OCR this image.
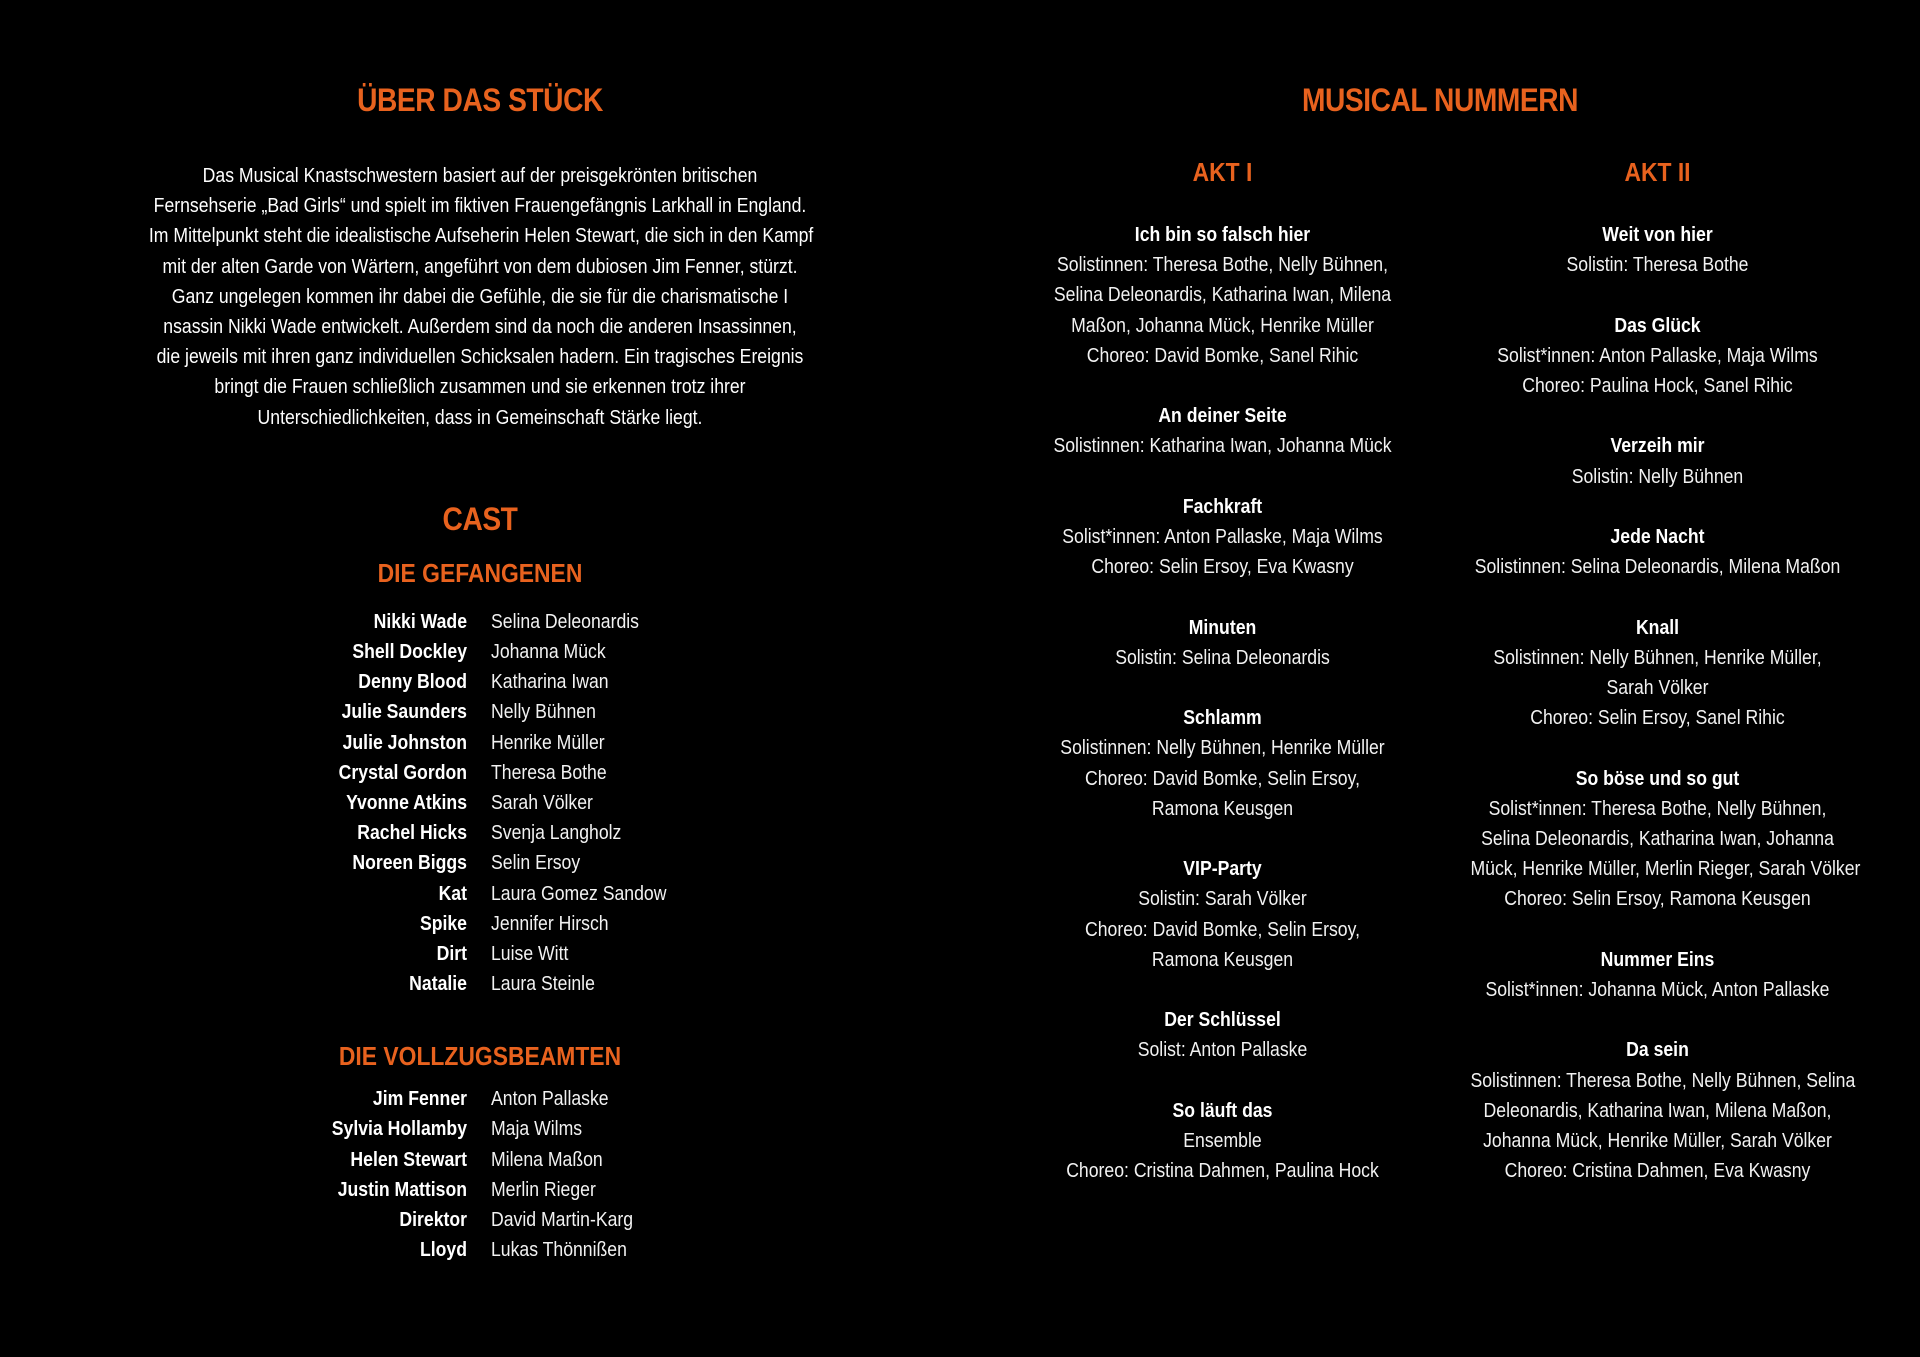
ÜBER DAS STÜCK
Das Musical Knastschwestern basiert auf der preisgekrönten britischen
Fernsehserie „Bad Girls“ und spielt im fiktiven Frauengefängnis Larkhall in England.
Im Mittelpunkt steht die idealistische Aufseherin Helen Stewart, die sich in den Kampf
mit der alten Garde von Wärtern, angeführt von dem dubiosen Jim Fenner, stürzt.
Ganz ungelegen kommen ihr dabei die Gefühle, die sie für die charismatische I
nsassin Nikki Wade entwickelt. Außerdem sind da noch die anderen Insassinnen,
die jeweils mit ihren ganz individuellen Schicksalen hadern. Ein tragisches Ereignis
bringt die Frauen schließlich zusammen und sie erkennen trotz ihrer
Unterschiedlichkeiten, dass in Gemeinschaft Stärke liegt.
CAST
DIE GEFANGENEN
Nikki Wade Selina Deleonardis
Shell Dockley Johanna Mück
Denny Blood Katharina Iwan
Julie Saunders Nelly Bühnen
Julie Johnston Henrike Müller
Crystal Gordon Theresa Bothe
Yvonne Atkins Sarah Völker
Rachel Hicks Svenja Langholz
Noreen Biggs Selin Ersoy
Kat Laura Gomez Sandow
Spike Jennifer Hirsch
Dirt Luise Witt
Natalie Laura Steinle
DIE VOLLZUGSBEAMTEN
Jim Fenner Anton Pallaske
Sylvia Hollamby Maja Wilms
Helen Stewart Milena Maßon
Justin Mattison Merlin Rieger
Direktor David Martin-Karg
Lloyd Lukas Thönnißen
MUSICAL NUMMERN
AKT I
Ich bin so falsch hier
Solistinnen: Theresa Bothe, Nelly Bühnen,
Selina Deleonardis, Katharina Iwan, Milena
Maßon, Johanna Mück, Henrike Müller
Choreo: David Bomke, Sanel Rihic
An deiner Seite
Solistinnen: Katharina Iwan, Johanna Mück
Fachkraft
Solist*innen: Anton Pallaske, Maja Wilms
Choreo: Selin Ersoy, Eva Kwasny
Minuten
Solistin: Selina Deleonardis
Schlamm
Solistinnen: Nelly Bühnen, Henrike Müller
Choreo: David Bomke, Selin Ersoy,
Ramona Keusgen
VIP-Party
Solistin: Sarah Völker
Choreo: David Bomke, Selin Ersoy,
Ramona Keusgen
Der Schlüssel
Solist: Anton Pallaske
So läuft das
Ensemble
Choreo: Cristina Dahmen, Paulina Hock
AKT II
Weit von hier
Solistin: Theresa Bothe
Das Glück
Solist*innen: Anton Pallaske, Maja Wilms
Choreo: Paulina Hock, Sanel Rihic
Verzeih mir
Solistin: Nelly Bühnen
Jede Nacht
Solistinnen: Selina Deleonardis, Milena Maßon
Knall
Solistinnen: Nelly Bühnen, Henrike Müller,
Sarah Völker
Choreo: Selin Ersoy, Sanel Rihic
So böse und so gut
Solist*innen: Theresa Bothe, Nelly Bühnen,
Selina Deleonardis, Katharina Iwan, Johanna
Mück, Henrike Müller, Merlin Rieger, Sarah Völker
Choreo: Selin Ersoy, Ramona Keusgen
Nummer Eins
Solist*innen: Johanna Mück, Anton Pallaske
Da sein
Solistinnen: Theresa Bothe, Nelly Bühnen, Selina
Deleonardis, Katharina Iwan, Milena Maßon,
Johanna Mück, Henrike Müller, Sarah Völker
Choreo: Cristina Dahmen, Eva Kwasny
